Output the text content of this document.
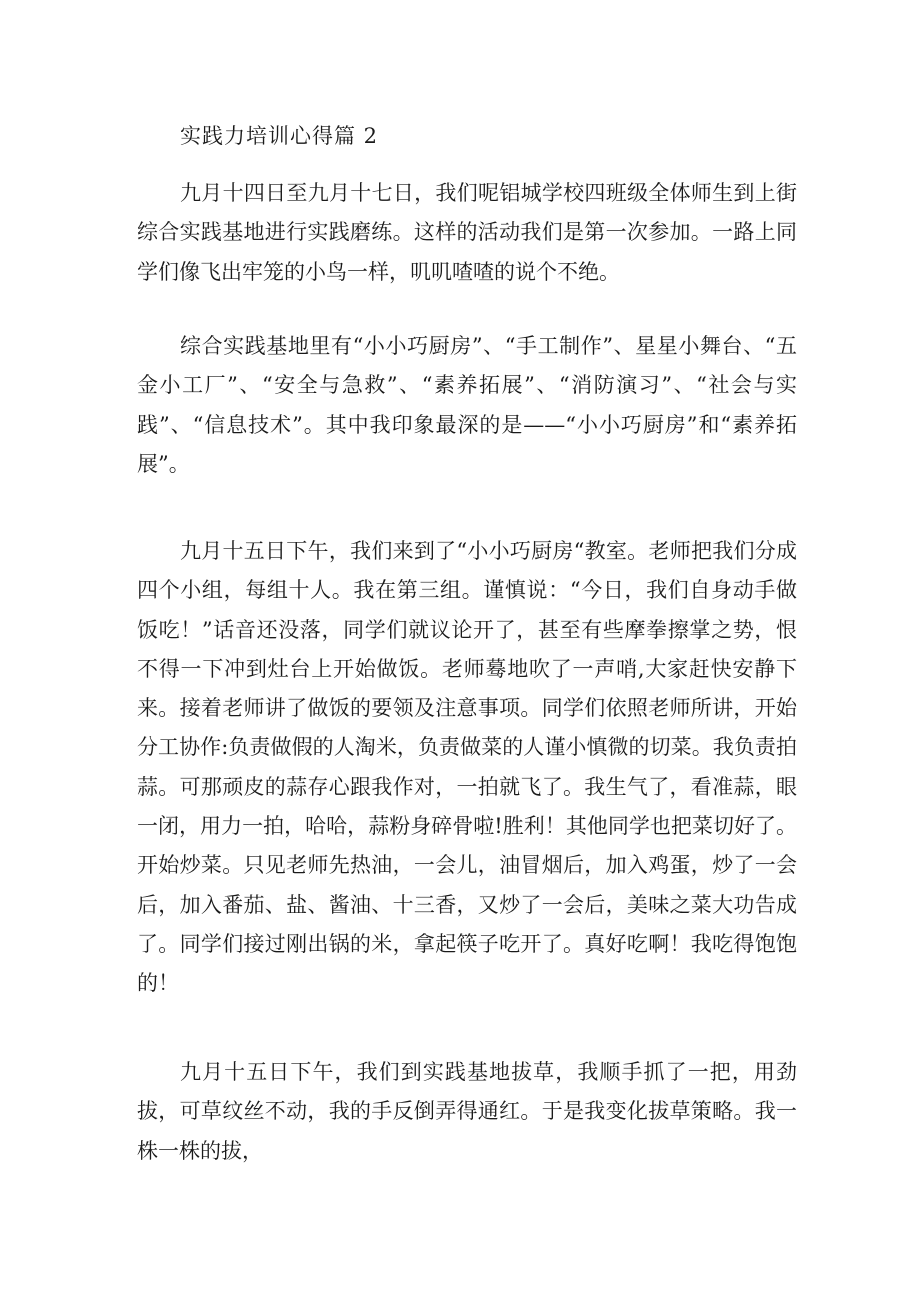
实践力培训心得篇 2

九月十四日至九月十七日，我们呢铝城学校四班级全体师生到上街综合实践基地进行实践磨练。这样的活动我们是第一次参加。一路上同学们像飞出牢笼的小鸟一样，叽叽喳喳的说个不绝。

综合实践基地里有“小小巧厨房”、“手工制作”、星星小舞台、“五金小工厂”、“安全与急救”、“素养拓展”、“消防演习”、“社会与实践”、“信息技术”。其中我印象最深的是——“小小巧厨房”和“素养拓展”。

九月十五日下午，我们来到了“小小巧厨房“教室。老师把我们分成四个小组，每组十人。我在第三组。谨慎说：“今日，我们自身动手做饭吃！”话音还没落，同学们就议论开了，甚至有些摩拳擦掌之势，恨不得一下冲到灶台上开始做饭。老师蓦地吹了一声哨,大家赶快安静下来。接着老师讲了做饭的要领及注意事项。同学们依照老师所讲，开始分工协作:负责做假的人淘米，负责做菜的人谨小慎微的切菜。我负责拍蒜。可那顽皮的蒜存心跟我作对，一拍就飞了。我生气了，看准蒜，眼一闭，用力一拍，哈哈，蒜粉身碎骨啦!胜利！其他同学也把菜切好了。开始炒菜。只见老师先热油，一会儿，油冒烟后，加入鸡蛋，炒了一会后，加入番茄、盐、酱油、十三香，又炒了一会后，美味之菜大功告成了。同学们接过刚出锅的米，拿起筷子吃开了。真好吃啊！我吃得饱饱的！

九月十五日下午，我们到实践基地拔草，我顺手抓了一把，用劲拔，可草纹丝不动，我的手反倒弄得通红。于是我变化拔草策略。我一株一株的拔，
